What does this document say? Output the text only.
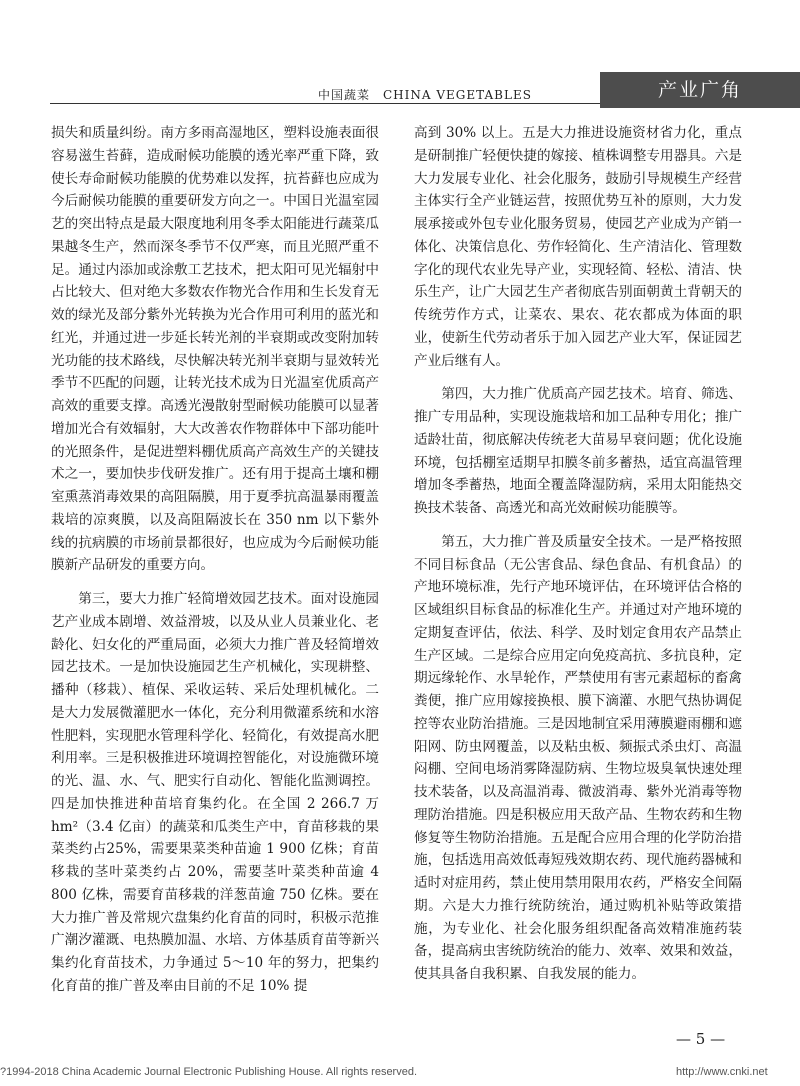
中国蔬菜　CHINA VEGETABLES	产业广角

损失和质量纠纷。南方多雨高湿地区，塑料设施表面很容易滋生苔藓，造成耐候功能膜的透光率严重下降，致使长寿命耐候功能膜的优势难以发挥，抗苔藓也应成为今后耐候功能膜的重要研发方向之一。中国日光温室园艺的突出特点是最大限度地利用冬季太阳能进行蔬菜瓜果越冬生产，然而深冬季节不仅严寒，而且光照严重不足。通过内添加或涂敷工艺技术，把太阳可见光辐射中占比较大、但对绝大多数农作物光合作用和生长发育无效的绿光及部分紫外光转换为光合作用可利用的蓝光和红光，并通过进一步延长转光剂的半衰期或改变附加转光功能的技术路线，尽快解决转光剂半衰期与显效转光季节不匹配的问题，让转光技术成为日光温室优质高产高效的重要支撑。高透光漫散射型耐候功能膜可以显著增加光合有效辐射，大大改善农作物群体中下部功能叶的光照条件，是促进塑料棚优质高产高效生产的关键技术之一，要加快步伐研发推广。还有用于提高土壤和棚室熏蒸消毒效果的高阻隔膜，用于夏季抗高温暴雨覆盖栽培的凉爽膜，以及高阻隔波长在 350 nm 以下紫外线的抗病膜的市场前景都很好，也应成为今后耐候功能膜新产品研发的重要方向。

第三，要大力推广轻简增效园艺技术。面对设施园艺产业成本剧增、效益滑坡，以及从业人员兼业化、老龄化、妇女化的严重局面，必须大力推广普及轻简增效园艺技术。一是加快设施园艺生产机械化，实现耕整、播种（移栽）、植保、采收运转、采后处理机械化。二是大力发展微灌肥水一体化，充分利用微灌系统和水溶性肥料，实现肥水管理科学化、轻简化，有效提高水肥利用率。三是积极推进环境调控智能化，对设施微环境的光、温、水、气、肥实行自动化、智能化监测调控。四是加快推进种苗培育集约化。在全国 2 266.7 万 hm²（3.4 亿亩）的蔬菜和瓜类生产中，育苗移栽的果菜类约占25%，需要果菜类种苗逾 1 900 亿株；育苗移栽的茎叶菜类约占 20%，需要茎叶菜类种苗逾 4 800 亿株，需要育苗移栽的洋葱苗逾 750 亿株。要在大力推广普及常规穴盘集约化育苗的同时，积极示范推广潮汐灌溉、电热膜加温、水培、方体基质育苗等新兴集约化育苗技术，力争通过 5～10 年的努力，把集约化育苗的推广普及率由目前的不足 10% 提

高到 30% 以上。五是大力推进设施资材省力化，重点是研制推广轻便快捷的嫁接、植株调整专用器具。六是大力发展专业化、社会化服务，鼓励引导规模生产经营主体实行全产业链运营，按照优势互补的原则，大力发展承接或外包专业化服务贸易，使园艺产业成为产销一体化、决策信息化、劳作轻简化、生产清洁化、管理数字化的现代农业先导产业，实现轻简、轻松、清洁、快乐生产，让广大园艺生产者彻底告别面朝黄土背朝天的传统劳作方式，让菜农、果农、花农都成为体面的职业，使新生代劳动者乐于加入园艺产业大军，保证园艺产业后继有人。

第四，大力推广优质高产园艺技术。培育、筛选、推广专用品种，实现设施栽培和加工品种专用化；推广适龄壮苗，彻底解决传统老大苗易早衰问题；优化设施环境，包括棚室适期早扣膜冬前多蓄热，适宜高温管理增加冬季蓄热，地面全覆盖降湿防病，采用太阳能热交换技术装备、高透光和高光效耐候功能膜等。

第五，大力推广普及质量安全技术。一是严格按照不同目标食品（无公害食品、绿色食品、有机食品）的产地环境标准，先行产地环境评估，在环境评估合格的区域组织目标食品的标准化生产。并通过对产地环境的定期复查评估，依法、科学、及时划定食用农产品禁止生产区域。二是综合应用定向免疫高抗、多抗良种，定期远缘轮作、水旱轮作，严禁使用有害元素超标的畜禽粪便，推广应用嫁接换根、膜下滴灌、水肥气热协调促控等农业防治措施。三是因地制宜采用薄膜避雨棚和遮阳网、防虫网覆盖，以及粘虫板、频振式杀虫灯、高温闷棚、空间电场消雾降湿防病、生物垃圾臭氧快速处理技术装备，以及高温消毒、微波消毒、紫外光消毒等物理防治措施。四是积极应用天敌产品、生物农药和生物修复等生物防治措施。五是配合应用合理的化学防治措施，包括选用高效低毒短残效期农药、现代施药器械和适时对症用药，禁止使用禁用限用农药，严格安全间隔期。六是大力推行统防统治，通过购机补贴等政策措施，为专业化、社会化服务组织配备高效精准施药装备，提高病虫害统防统治的能力、效率、效果和效益，使其具备自我积累、自我发展的能力。

— 5 —
?1994-2018 China Academic Journal Electronic Publishing House. All rights reserved.	http://www.cnki.net
